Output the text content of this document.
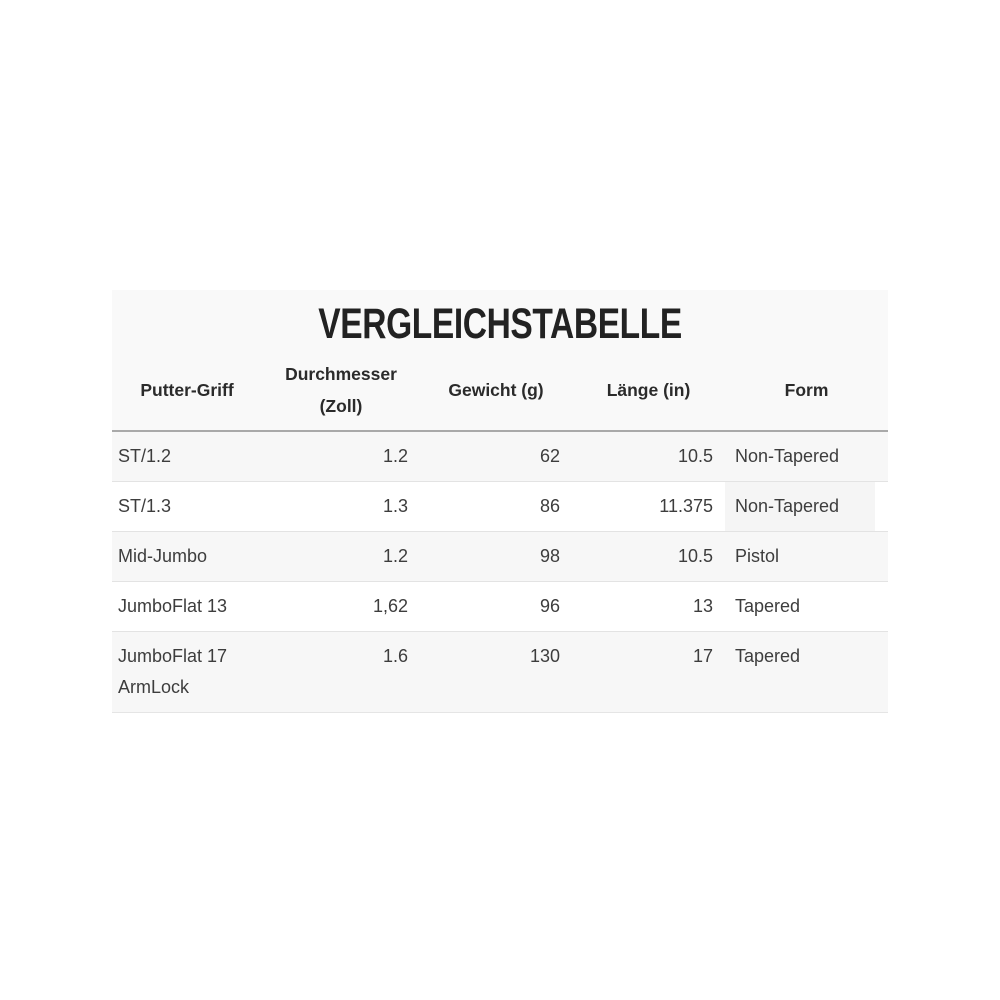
VERGLEICHSTABELLE
Putter-Griff	Durchmesser (Zoll)	Gewicht (g)	Länge (in)	Form
ST/1.2	1.2	62	10.5	Non-Tapered
ST/1.3	1.3	86	11.375	Non-Tapered
Mid-Jumbo	1.2	98	10.5	Pistol
JumboFlat 13	1,62	96	13	Tapered
JumboFlat 17 ArmLock	1.6	130	17	Tapered
